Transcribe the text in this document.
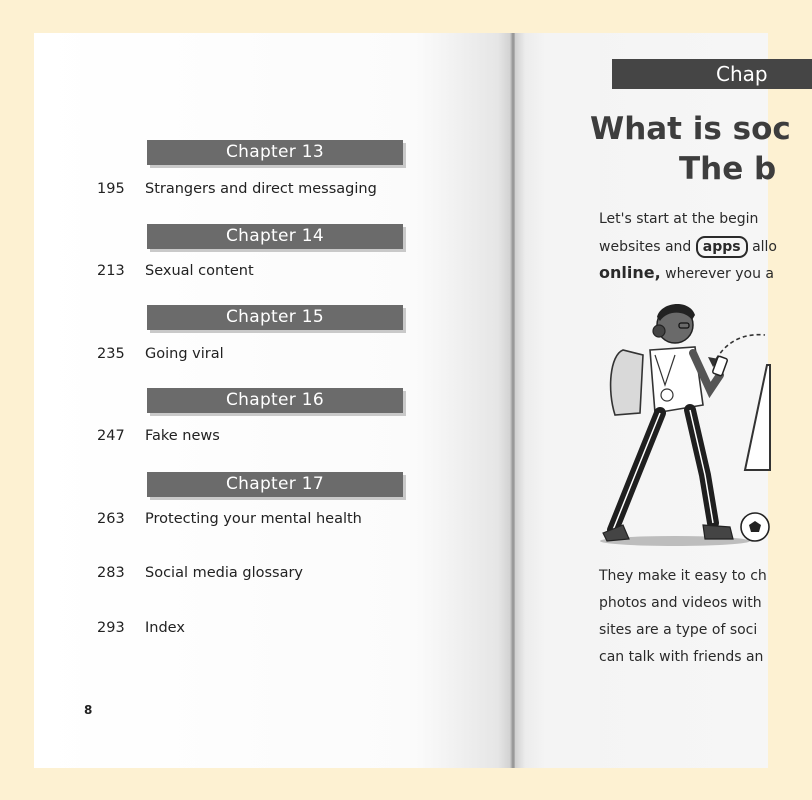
Chapter 13
195 Strangers and direct messaging
Chapter 14
213 Sexual content
Chapter 15
235 Going viral
Chapter 16
247 Fake news
Chapter 17
263 Protecting your mental health
283 Social media glossary
293 Index
8
Chap
What is soc
The b
Let's start at the begin
websites and apps allo
online, wherever you a
They make it easy to ch
photos and videos with
sites are a type of soci
can talk with friends an
